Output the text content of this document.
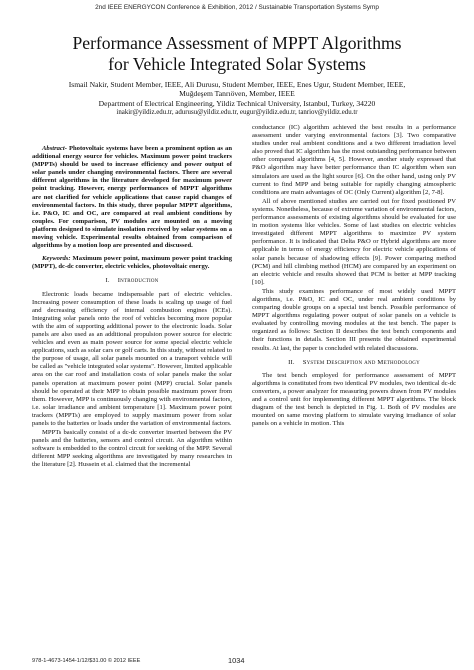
2nd IEEE ENERGYCON Conference & Exhibition, 2012 / Sustainable Transportation Systems Symp
Performance Assessment of MPPT Algorithms
for Vehicle Integrated Solar Systems
Ismail Nakir, Student Member, IEEE, Ali Durusu, Student Member, IEEE, Enes Ugur, Student Member, IEEE,
Muğdeşem Tanrıöven, Member, IEEE
Department of Electrical Engineering, Yildiz Technical University, Istanbul, Turkey, 34220
inakir@yildiz.edu.tr, adurusu@yildiz.edu.tr, eugur@yildiz.edu.tr, tanriov@yildiz.edu.tr

Abstract- Photovoltaic systems have been a prominent option as an additional energy source for vehicles. Maximum power point trackers (MPPTs) should be used to increase efficiency and power output of solar panels under changing environmental factors. There are several different algorithms in the literature developed for maximum power point tracking. However, energy performances of MPPT algorithms are not clarified for vehicle applications that cause rapid changes of environmental factors. In this study, three popular MPPT algorithms, i.e. P&O, IC and OC, are compared at real ambient conditions by couples. For comparison, PV modules are mounted on a moving platform designed to simulate insolation received by solar systems on a moving vehicle. Experimental results obtained from comparison of algorithms by a motion loop are presented and discussed.

Keywords: Maximum power point, maximum power point tracking (MPPT), dc-dc converter, electric vehicles, photovoltaic energy.

I. Introduction

Electronic loads became indispensable part of electric vehicles. Increasing power consumption of these loads is scaling up usage of fuel and decreasing efficiency of internal combustion engines (ICEs). Integrating solar panels onto the roof of vehicles becoming more popular with the aim of supporting additional power to the electronic loads. Solar panels are also used as an additional propulsion power source for electric vehicles and even as main power source for some special electric vehicle applications, such as solar cars or golf carts. In this study, without related to the purpose of usage, all solar panels mounted on a transport vehicle will be called as "vehicle integrated solar systems". However, limited applicable area on the car roof and installation costs of solar panels make the solar panels operation at maximum power point (MPP) crucial. Solar panels should be operated at their MPP to obtain possible maximum power from them. However, MPP is continuously changing with environmental factors, i.e. solar irradiance and ambient temperature [1]. Maximum power point trackers (MPPTs) are employed to supply maximum power from solar panels to the batteries or loads under the variation of environmental factors.

MPPTs basically consist of a dc-dc converter inserted between the PV panels and the batteries, sensors and control circuit. An algorithm within software is embedded to the control circuit for seeking of the MPP. Several different MPP seeking algorithms are investigated by many researches in the literature [2]. Hussein et al. claimed that the incremental

conductance (IC) algorithm achieved the best results in a performance assessment under varying environmental factors [3]. Two comparative studies under real ambient conditions and a two different irradiation level also proved that IC algorithm has the most outstanding performance between other compared algorithms [4, 5]. However, another study expressed that P&O algorithm may have better performance than IC algorithm when sun simulators are used as the light source [6]. On the other hand, using only PV current to find MPP and being suitable for rapidly changing atmospheric conditions are main advantages of OC (Only Current) algorithm [2, 7-8].

All of above mentioned studies are carried out for fixed positioned PV systems. Nonetheless, because of extreme variation of environmental factors, performance assessments of existing algorithms should be evaluated for use in motion systems like vehicles. Some of last studies on electric vehicles investigated different MPPT algorithms to maximize PV system performance. It is indicated that Delta P&O or Hybrid algorithms are more applicable in terms of energy efficiency for electric vehicle applications of solar panels because of shadowing effects [9]. Power comparing method (PCM) and hill climbing method (HCM) are compared by an experiment on an electric vehicle and results showed that PCM is better at MPP tracking [10].

This study examines performance of most widely used MPPT algorithms, i.e. P&O, IC and OC, under real ambient conditions by comparing double groups on a special test bench. Possible performance of MPPT algorithms regulating power output of solar panels on a vehicle is evaluated by controlling moving modules at the test bench. The paper is organized as follows: Section II describes the test bench components and their functions in details. Section III presents the obtained experimental results. At last, the paper is concluded with related discussions.

II. System Description and Methodology

The test bench employed for performance assessment of MPPT algorithms is constituted from two identical PV modules, two identical dc-dc converters, a power analyzer for measuring powers drawn from PV modules and a control unit for implementing different MPPT algorithms. The block diagram of the test bench is depicted in Fig. 1. Both of PV modules are mounted on same moving platform to simulate varying irradiance of solar panels on a vehicle in motion. This

978-1-4673-1454-1/12/$31.00 © 2012 IEEE	1034
